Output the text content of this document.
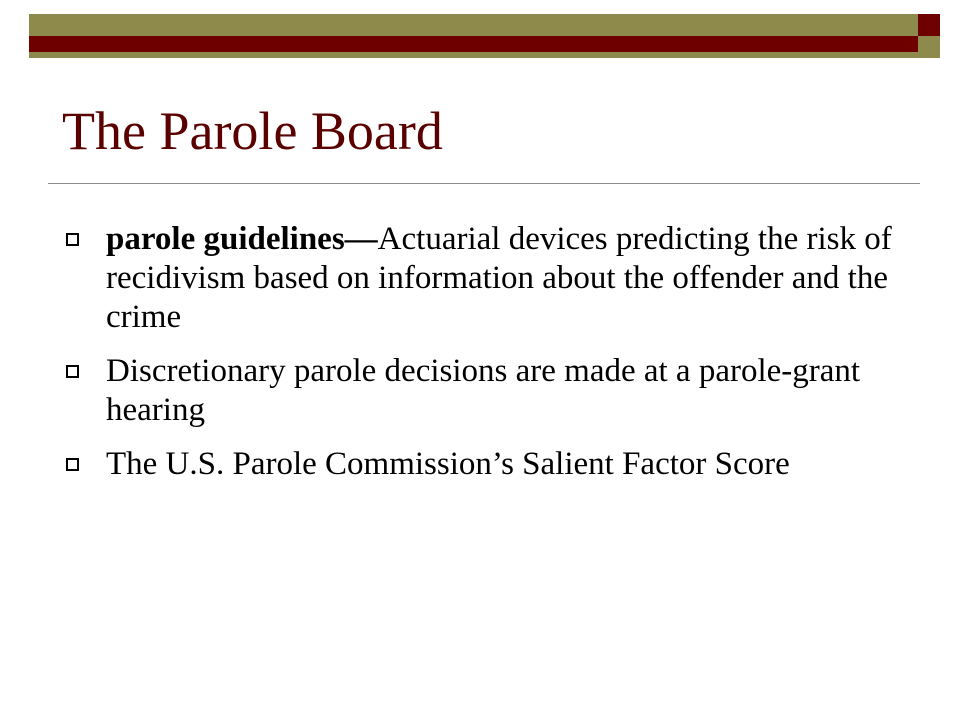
The Parole Board
parole guidelines—Actuarial devices predicting the risk of recidivism based on information about the offender and the crime
Discretionary parole decisions are made at a parole-grant hearing
The U.S. Parole Commission’s Salient Factor Score
